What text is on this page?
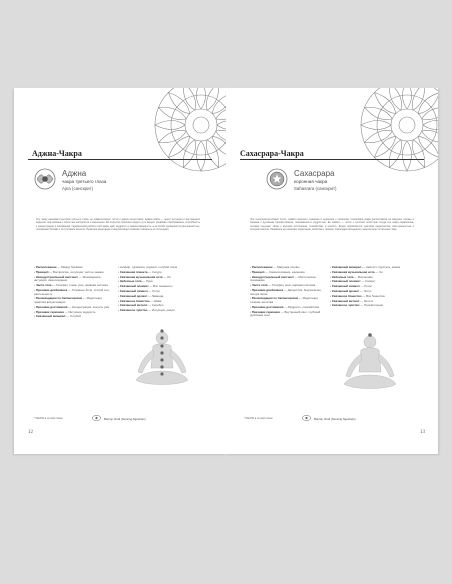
Аджна-Чакра
Аджна
чакра третьего глаза
Ajna (санскрит)
Эту чакру называют центром третьего глаза, её символизирует лотос с двумя лепестками. Аджна-чакра — центр интуиции и внутреннего видения, она связана с ясностью восприятия и мышления. Её открытие помогает видеть суть вещей, развивает воображение, способность к концентрации и пониманию. Гармоничная работа этой чакры даёт мудрость и самоосознанность, а её блоки проявляются рассеянностью, головными болями и отсутствием ясности. Практика медитации и визуализации помогает раскрыть её потенциал.
• Расположение — Между бровями
• Принцип — Восприятие, интуиция, чистое знание
• Неиндустриальный инстинкт — Ясновидение, интуиция, самопознание
• Части тела — Гипофиз, глаза, уши, нервная система
• Признаки дисбаланса — Головные боли, плохой сон, рассеянность
• Рекомендации по балансировке — Медитация, практика визуализации
• Признаки достижения — Концентрация, ясность ума
• Признаки гармонии — Интуиция, мудрость
• Связанный минерал — Голубой
• сапфир, турмалин, содалит, голубой топаз
• Связанная планета — Сатурн
• Связанная музыкальная нота — Ля
• Небесные тела — Луна
• Связанный элемент — Все элементы
• Связанный символ — Лотос
• Связанный аромат — Лаванда
• Связанное божество — Шива
• Связанный металл — Серебро
• Связанное чувство — Интуиция, разум
*ЧАКРЫ в четкой схеме	Виктор Этой (Sensing Ngoshelo)
12
Сахасрара-Чакра
Сахасрара
коронная чакра
Sahasrara (санскрит)
Это тысячелепестковый лотос, символ высшего сознания и единения с космосом. Сахасрара-чакра расположена на макушке головы и связана с духовным просветлением, пониманием и мудростью. Её символ — лотос с тысячей лепестков. Когда эта чакра гармонична, человек ощущает связь с высшим источником, спокойствие и ясность. Блоки проявляются чувством одиночества, растерянностью и потерей смысла. Развивать её помогают медитация, молитва и тишина. Сахасрара объединяет энергии всех остальных чакр.
• Расположение — Макушка головы
• Принцип — Самоосознание, единение
• Неиндустриальный инстинкт — Мистическое понимание
• Части тела — Гипофиз, мозг, нервная система
• Признаки дисбаланса — Депрессия, безразличие, потеря связи
• Рекомендации по балансировке — Медитация, тишина, молитва
• Признаки достижения — Мудрость, спокойствие
• Признаки гармонии — Внутренний свет, глубокий духовный опыт
• Связанный минерал — Аметист, хрусталь, алмаз
• Связанная музыкальная нота — Си
• Небесные тела — Вселенная
• Связанный элемент — Космос
• Связанный символ — Лотос
• Связанный аромат — Лотос
• Связанное божество — Все божества
• Связанный металл — Золото
• Связанное чувство — Просветление
*ЧАКРЫ в четкой схеме	Виктор Этой (Sensing Ngoshelo)
13
